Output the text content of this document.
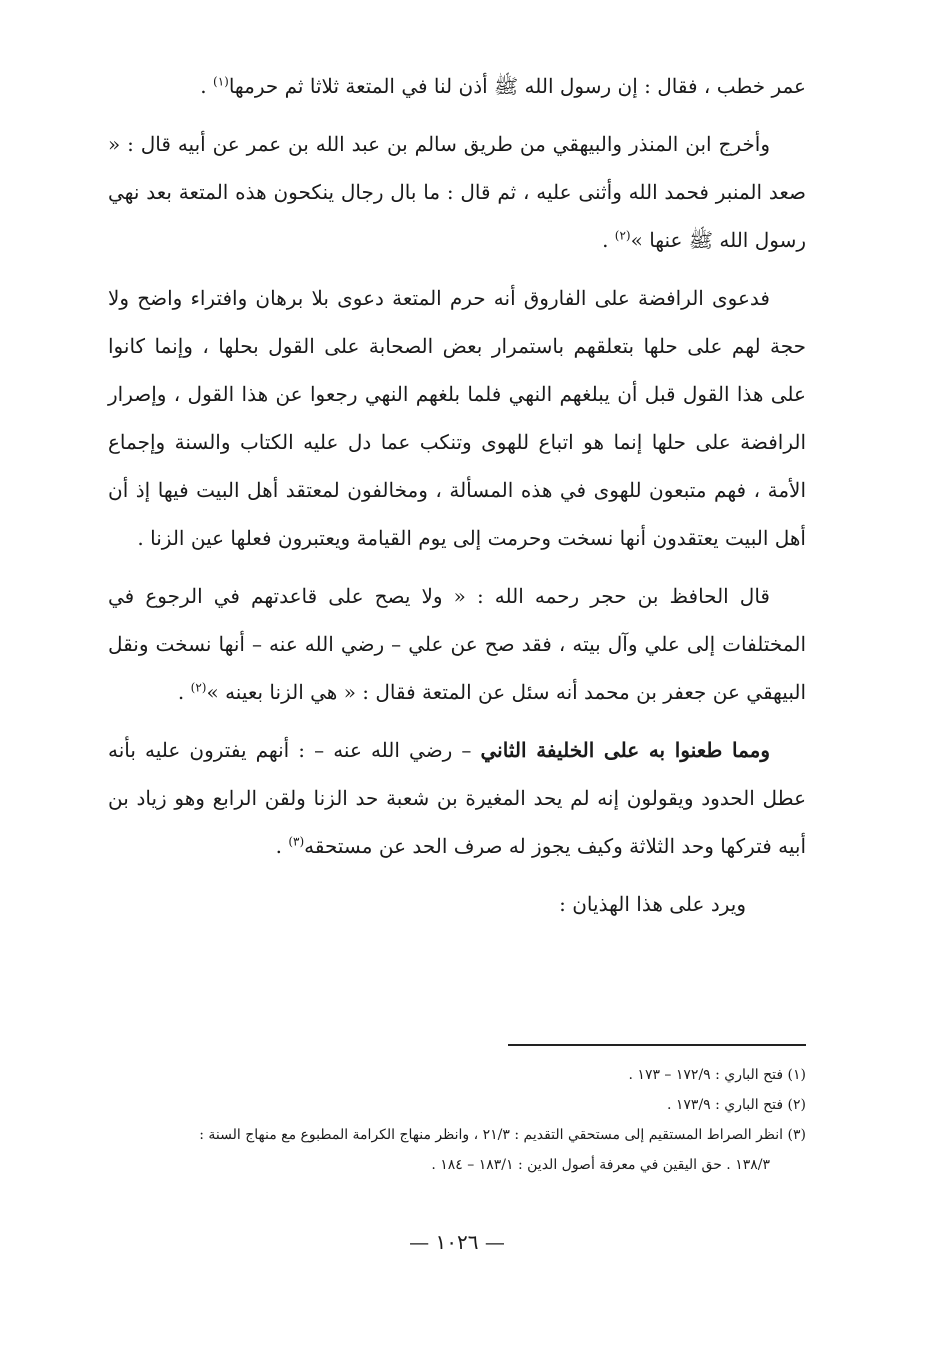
عمر خطب ، فقال : إن رسول الله ﷺ أذن لنا في المتعة ثلاثا ثم حرمها$^{(١)}$ .

وأخرج ابن المنذر والبيهقي من طريق سالم بن عبد الله بن عمر عن أبيه قال : « صعد المنبر فحمد الله وأثنى عليه ، ثم قال : ما بال رجال ينكحون هذه المتعة بعد نهي رسول الله ﷺ عنها »$^{(٢)}$ .

فدعوى الرافضة على الفاروق أنه حرم المتعة دعوى بلا برهان وافتراء واضح ولا حجة لهم على حلها بتعلقهم باستمرار بعض الصحابة على القول بحلها ، وإنما كانوا على هذا القول قبل أن يبلغهم النهي فلما بلغهم النهي رجعوا عن هذا القول ، وإصرار الرافضة على حلها إنما هو اتباع للهوى وتنكب عما دل عليه الكتاب والسنة وإجماع الأمة ، فهم متبعون للهوى في هذه المسألة ، ومخالفون لمعتقد أهل البيت فيها إذ أن أهل البيت يعتقدون أنها نسخت وحرمت إلى يوم القيامة ويعتبرون فعلها عين الزنا .

قال الحافظ بن حجر رحمه الله : « ولا يصح على قاعدتهم في الرجوع في المختلفات إلى علي وآل بيته ، فقد صح عن علي – رضي الله عنه – أنها نسخت ونقل البيهقي عن جعفر بن محمد أنه سئل عن المتعة فقال : « هي الزنا بعينه »$^{(٢)}$ .

ومما طعنوا به على الخليفة الثاني – رضي الله عنه – : أنهم يفترون عليه بأنه عطل الحدود ويقولون إنه لم يحد المغيرة بن شعبة حد الزنا ولقن الرابع وهو زياد بن أبيه فتركها وحد الثلاثة وكيف يجوز له صرف الحد عن مستحقه$^{(٣)}$ .

ويرد على هذا الهذيان :

(١) فتح الباري : ١٧٢/٩ – ١٧٣ .
(٢) فتح الباري : ١٧٣/٩ .
(٣) انظر الصراط المستقيم إلى مستحقي التقديم : ٢١/٣ ، وانظر منهاج الكرامة المطبوع مع منهاج السنة :
١٣٨/٣ . حق اليقين في معرفة أصول الدين : ١٨٣/١ – ١٨٤ .
— ١٠٢٦ —
